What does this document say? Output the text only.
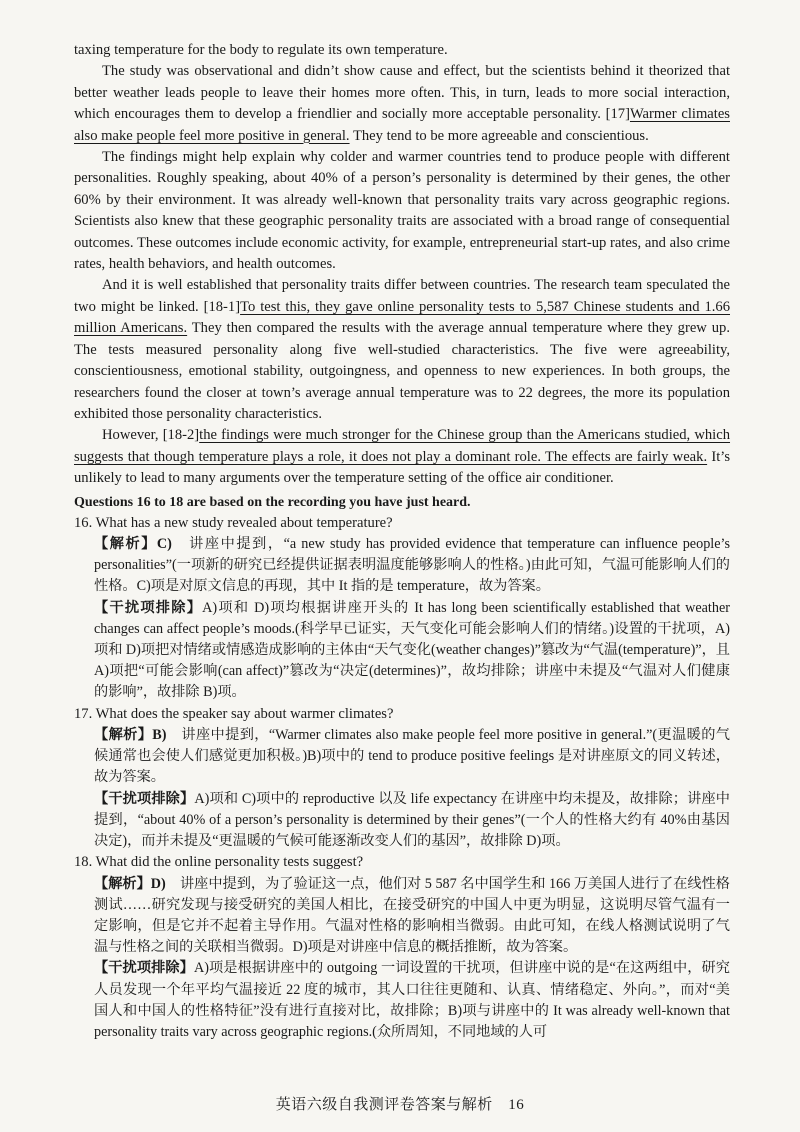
taxing temperature for the body to regulate its own temperature.

The study was observational and didn’t show cause and effect, but the scientists behind it theorized that better weather leads people to leave their homes more often. This, in turn, leads to more social interaction, which encourages them to develop a friendlier and socially more acceptable personality. [17]Warmer climates also make people feel more positive in general. They tend to be more agreeable and conscientious.

The findings might help explain why colder and warmer countries tend to produce people with different personalities. Roughly speaking, about 40% of a person’s personality is determined by their genes, the other 60% by their environment. It was already well-known that personality traits vary across geographic regions. Scientists also knew that these geographic personality traits are associated with a broad range of consequential outcomes. These outcomes include economic activity, for example, entrepreneurial start-up rates, and also crime rates, health behaviors, and health outcomes.

And it is well established that personality traits differ between countries. The research team speculated the two might be linked. [18-1]To test this, they gave online personality tests to 5,587 Chinese students and 1.66 million Americans. They then compared the results with the average annual temperature where they grew up. The tests measured personality along five well-studied characteristics. The five were agreeability, conscientiousness, emotional stability, outgoingness, and openness to new experiences. In both groups, the researchers found the closer at town’s average annual temperature was to 22 degrees, the more its population exhibited those personality characteristics.

However, [18-2]the findings were much stronger for the Chinese group than the Americans studied, which suggests that though temperature plays a role, it does not play a dominant role. The effects are fairly weak. It’s unlikely to lead to many arguments over the temperature setting of the office air conditioner.

Questions 16 to 18 are based on the recording you have just heard.

16. What has a new study revealed about temperature?

【解析】C)　讲座中提到，“a new study has provided evidence that temperature can influence people’s personalities”(一项新的研究已经提供证据表明温度能够影响人的性格。)由此可知，气温可能影响人们的性格。C)项是对原文信息的再现，其中 It 指的是 temperature，故为答案。

【干扰项排除】A)项和 D)项均根据讲座开头的 It has long been scientifically established that weather changes can affect people’s moods.(科学早已证实，天气变化可能会影响人们的情绪。)设置的干扰项，A)项和 D)项把对情绪或情感造成影响的主体由“天气变化(weather changes)”篡改为“气温(temperature)”，且 A)项把“可能会影响(can affect)”篡改为“决定(determines)”，故均排除；讲座中未提及“气温对人们健康的影响”，故排除 B)项。

17. What does the speaker say about warmer climates?

【解析】B)　讲座中提到，“Warmer climates also make people feel more positive in general.”(更温暖的气候通常也会使人们感觉更加积极。)B)项中的 tend to produce positive feelings 是对讲座原文的同义转述，故为答案。

【干扰项排除】A)项和 C)项中的 reproductive 以及 life expectancy 在讲座中均未提及，故排除；讲座中提到，“about 40% of a person’s personality is determined by their genes”(一个人的性格大约有 40%由基因决定)，而并未提及“更温暖的气候可能逐渐改变人们的基因”，故排除 D)项。

18. What did the online personality tests suggest?

【解析】D)　讲座中提到，为了验证这一点，他们对 5 587 名中国学生和 166 万美国人进行了在线性格测试……研究发现与接受研究的美国人相比，在接受研究的中国人中更为明显，这说明尽管气温有一定影响，但是它并不起着主导作用。气温对性格的影响相当微弱。由此可知，在线人格测试说明了气温与性格之间的关联相当微弱。D)项是对讲座中信息的概括推断，故为答案。

【干扰项排除】A)项是根据讲座中的 outgoing 一词设置的干扰项，但讲座中说的是“在这两组中，研究人员发现一个年平均气温接近 22 度的城市，其人口往往更随和、认真、情绪稳定、外向。”，而对“美国人和中国人的性格特征”没有进行直接对比，故排除；B)项与讲座中的 It was already well-known that personality traits vary across geographic regions.(众所周知，不同地域的人可

英语六级自我测评卷答案与解析　16
